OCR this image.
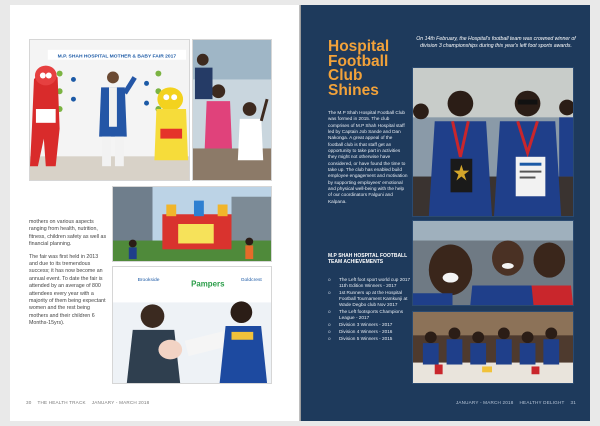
M.P. SHAH HOSPITAL MOTHER & BABY FAIR 2017
Pampers	Goldcrest
Brookside

mothers on various aspects ranging from health, nutrition, fitness, children safety as well as financial planning.

The fair was first held in 2013 and due to its tremendous success; it has now become an annual event. To date the fair is attended by an average of 800 attendees every year with a majority of them being expectant women and the rest being mothers and their children 6 Months-15yrs).

30 THE HEALTH TRACK JANUARY - MARCH 2018
Hospital Football Club Shines

The M.P Shah Hospital Football Club was formed in 2015. The club comprises of M.P Shah Hospital staff led by Captain Job Sande and Dan Nakonga. A great appeal of the football club is that staff get an opportunity to take part in activities they might not otherwise have considered, or have found the time to take up. The club has enabled build employee engagement and motivation by supporting employees' emotional and physical well-being with the help of our coordinators Falguni and Kalpana.

M.P SHAH HOSPITAL FOOTBALL TEAM ACHIEVEMENTS
o The Left foot sport world cup 2017 11th Edition Winners - 2017
o 1st Runners up at the Hospital Football Tournament Kamkunji at Wade Degbo club Nov 2017
o The Left footsports Champions League - 2017
o Division 3 Winners - 2017
o Division 4 Winners - 2016
o Division 5 Winners - 2015

On 14th February, the Hospital's football team was crowned winner of division 3 championships during this year's left foot sports awards.

JANUARY - MARCH 2018 HEALTHY DELIGHT 31
